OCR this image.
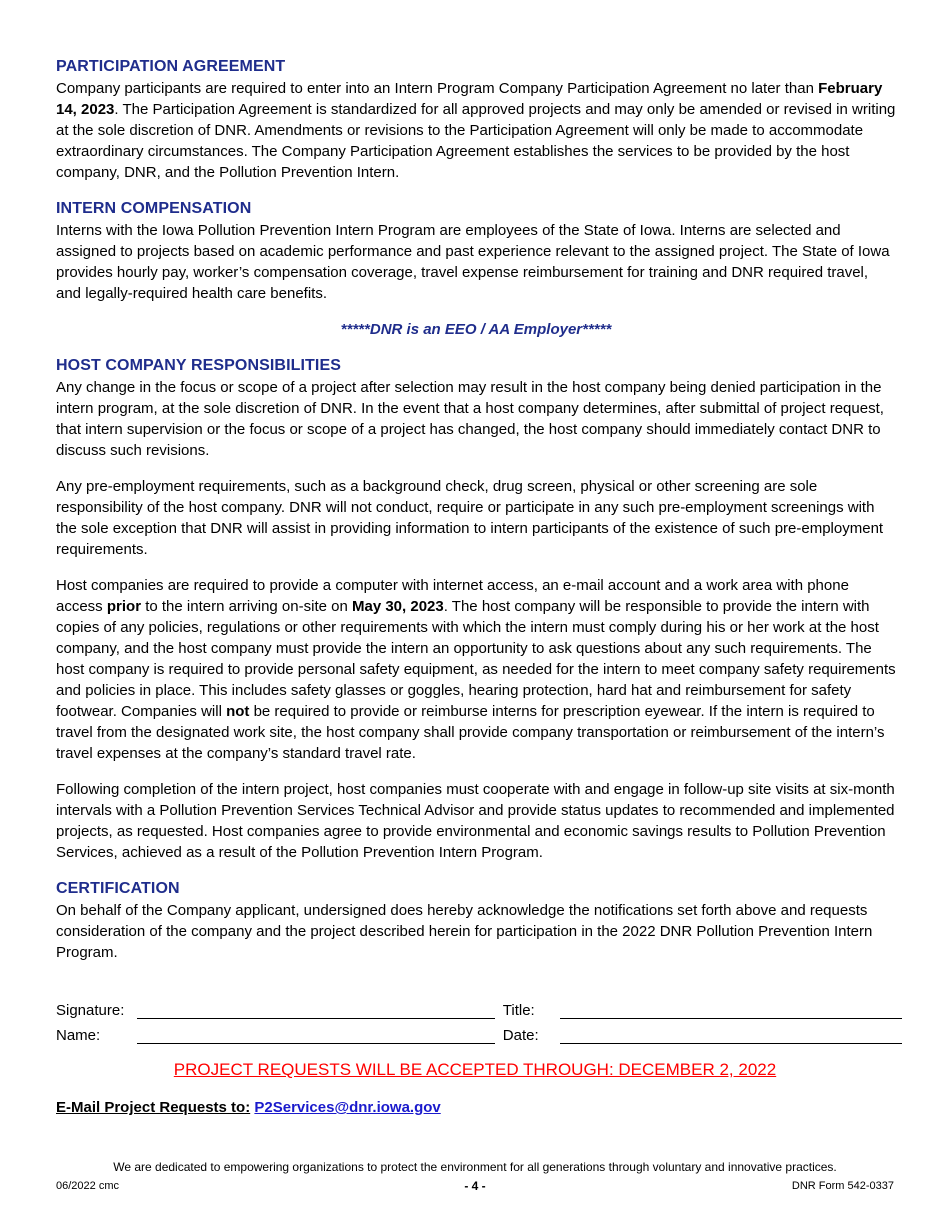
PARTICIPATION AGREEMENT

Company participants are required to enter into an Intern Program Company Participation Agreement no later than February 14, 2023. The Participation Agreement is standardized for all approved projects and may only be amended or revised in writing at the sole discretion of DNR. Amendments or revisions to the Participation Agreement will only be made to accommodate extraordinary circumstances. The Company Participation Agreement establishes the services to be provided by the host company, DNR, and the Pollution Prevention Intern.

INTERN COMPENSATION

Interns with the Iowa Pollution Prevention Intern Program are employees of the State of Iowa. Interns are selected and assigned to projects based on academic performance and past experience relevant to the assigned project. The State of Iowa provides hourly pay, worker’s compensation coverage, travel expense reimbursement for training and DNR required travel, and legally-required health care benefits.

*****DNR is an EEO / AA Employer*****

HOST COMPANY RESPONSIBILITIES

Any change in the focus or scope of a project after selection may result in the host company being denied participation in the intern program, at the sole discretion of DNR. In the event that a host company determines, after submittal of project request, that intern supervision or the focus or scope of a project has changed, the host company should immediately contact DNR to discuss such revisions.

Any pre-employment requirements, such as a background check, drug screen, physical or other screening are sole responsibility of the host company. DNR will not conduct, require or participate in any such pre-employment screenings with the sole exception that DNR will assist in providing information to intern participants of the existence of such pre-employment requirements.

Host companies are required to provide a computer with internet access, an e-mail account and a work area with phone access prior to the intern arriving on-site on May 30, 2023. The host company will be responsible to provide the intern with copies of any policies, regulations or other requirements with which the intern must comply during his or her work at the host company, and the host company must provide the intern an opportunity to ask questions about any such requirements. The host company is required to provide personal safety equipment, as needed for the intern to meet company safety requirements and policies in place. This includes safety glasses or goggles, hearing protection, hard hat and reimbursement for safety footwear. Companies will not be required to provide or reimburse interns for prescription eyewear. If the intern is required to travel from the designated work site, the host company shall provide company transportation or reimbursement of the intern’s travel expenses at the company’s standard travel rate.

Following completion of the intern project, host companies must cooperate with and engage in follow-up site visits at six-month intervals with a Pollution Prevention Services Technical Advisor and provide status updates to recommended and implemented projects, as requested. Host companies agree to provide environmental and economic savings results to Pollution Prevention Services, achieved as a result of the Pollution Prevention Intern Program.

CERTIFICATION

On behalf of the Company applicant, undersigned does hereby acknowledge the notifications set forth above and requests consideration of the company and the project described herein for participation in the 2022 DNR Pollution Prevention Intern Program.

Signature:	Title:
Name:	Date:
PROJECT REQUESTS WILL BE ACCEPTED THROUGH: DECEMBER 2, 2022
E-Mail Project Requests to: P2Services@dnr.iowa.gov
We are dedicated to empowering organizations to protect the environment for all generations through voluntary and innovative practices.
06/2022 cmc	- 4 -	DNR Form 542-0337
